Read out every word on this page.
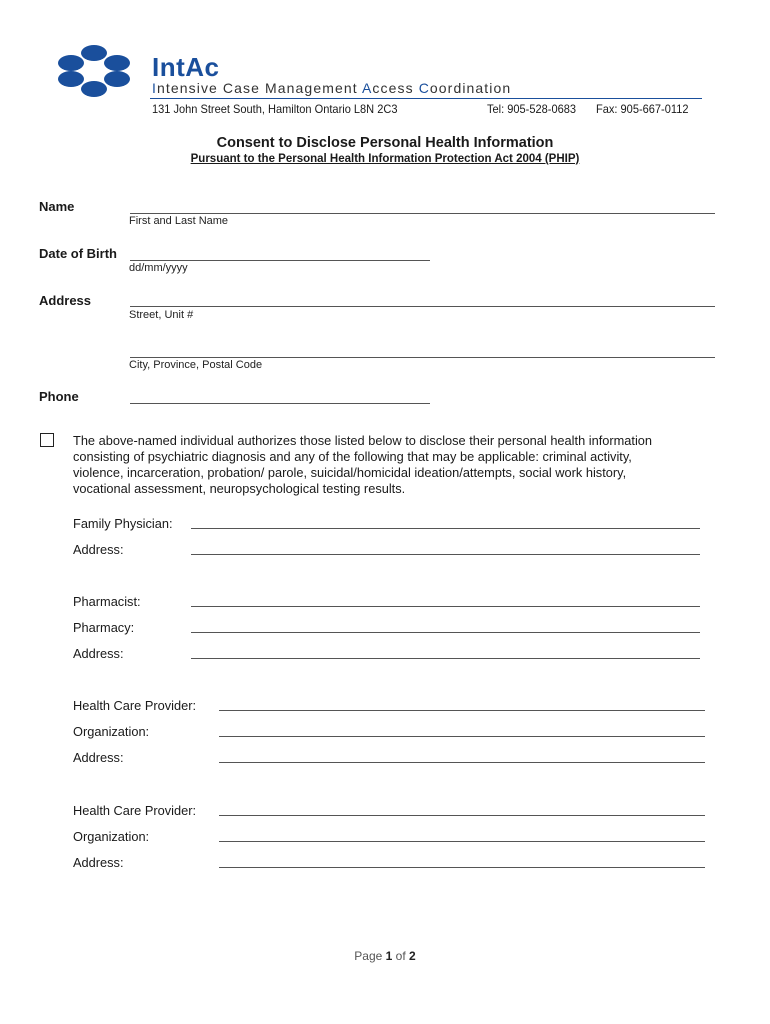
IntAc
Intensive Case Management Access Coordination
131 John Street South, Hamilton Ontario L8N 2C3	Tel: 905-528-0683 Fax: 905-667-0112
Consent to Disclose Personal Health Information
Pursuant to the Personal Health Information Protection Act 2004 (PHIP)
Name
First and Last Name
Date of Birth
dd/mm/yyyy
Address
Street, Unit #
City, Province, Postal Code
Phone
The above-named individual authorizes those listed below to disclose their personal health information
consisting of psychiatric diagnosis and any of the following that may be applicable: criminal activity,
violence, incarceration, probation/ parole, suicidal/homicidal ideation/attempts, social work history,
vocational assessment, neuropsychological testing results.
Family Physician:
Address:
Pharmacist:
Pharmacy:
Address:
Health Care Provider:
Organization:
Address:
Health Care Provider:
Organization:
Address:
Page 1 of 2
